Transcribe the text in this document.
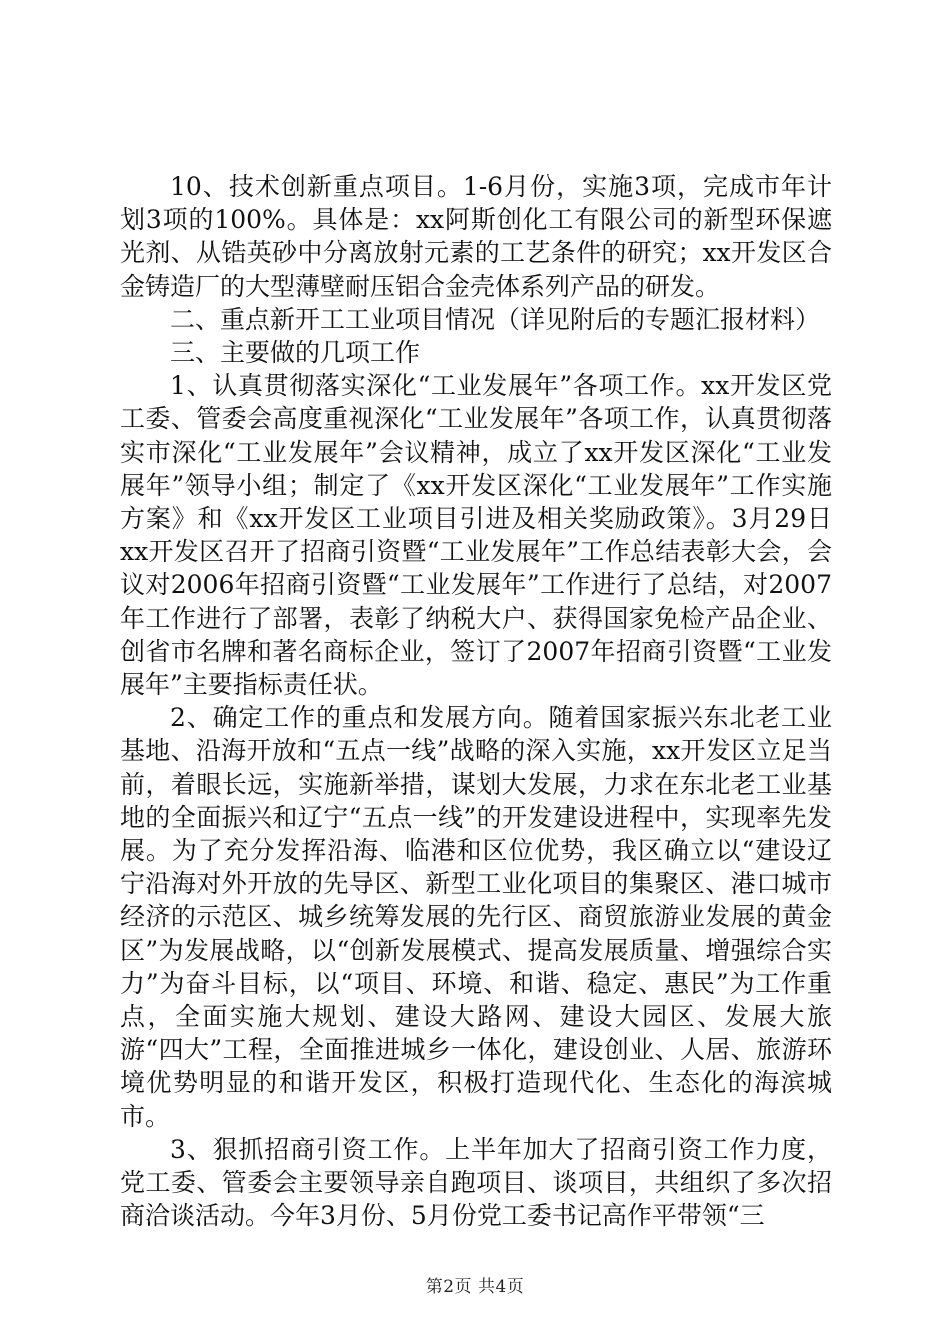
10、技术创新重点项目。1-6月份，实施3项，完成市年计划3项的100%。具体是：xx阿斯创化工有限公司的新型环保遮光剂、从锆英砂中分离放射元素的工艺条件的研究；xx开发区合金铸造厂的大型薄壁耐压铝合金壳体系列产品的研发。

二、重点新开工工业项目情况（详见附后的专题汇报材料）

三、主要做的几项工作

1、认真贯彻落实深化“工业发展年”各项工作。xx开发区党工委、管委会高度重视深化“工业发展年”各项工作，认真贯彻落实市深化“工业发展年”会议精神，成立了xx开发区深化“工业发展年”领导小组；制定了《xx开发区深化“工业发展年”工作实施方案》和《xx开发区工业项目引进及相关奖励政策》。3月29日xx开发区召开了招商引资暨“工业发展年”工作总结表彰大会，会议对2006年招商引资暨“工业发展年”工作进行了总结，对2007年工作进行了部署，表彰了纳税大户、获得国家免检产品企业、创省市名牌和著名商标企业，签订了2007年招商引资暨“工业发展年”主要指标责任状。

2、确定工作的重点和发展方向。随着国家振兴东北老工业基地、沿海开放和“五点一线”战略的深入实施，xx开发区立足当前，着眼长远，实施新举措，谋划大发展，力求在东北老工业基地的全面振兴和辽宁“五点一线”的开发建设进程中，实现率先发展。为了充分发挥沿海、临港和区位优势，我区确立以“建设辽宁沿海对外开放的先导区、新型工业化项目的集聚区、港口城市经济的示范区、城乡统筹发展的先行区、商贸旅游业发展的黄金区”为发展战略，以“创新发展模式、提高发展质量、增强综合实力”为奋斗目标，以“项目、环境、和谐、稳定、惠民”为工作重点，全面实施大规划、建设大路网、建设大园区、发展大旅游“四大”工程，全面推进城乡一体化，建设创业、人居、旅游环境优势明显的和谐开发区，积极打造现代化、生态化的海滨城市。

3、狠抓招商引资工作。上半年加大了招商引资工作力度，党工委、管委会主要领导亲自跑项目、谈项目，共组织了多次招商洽谈活动。今年3月份、5月份党工委书记高作平带领“三

第2页 共4页
